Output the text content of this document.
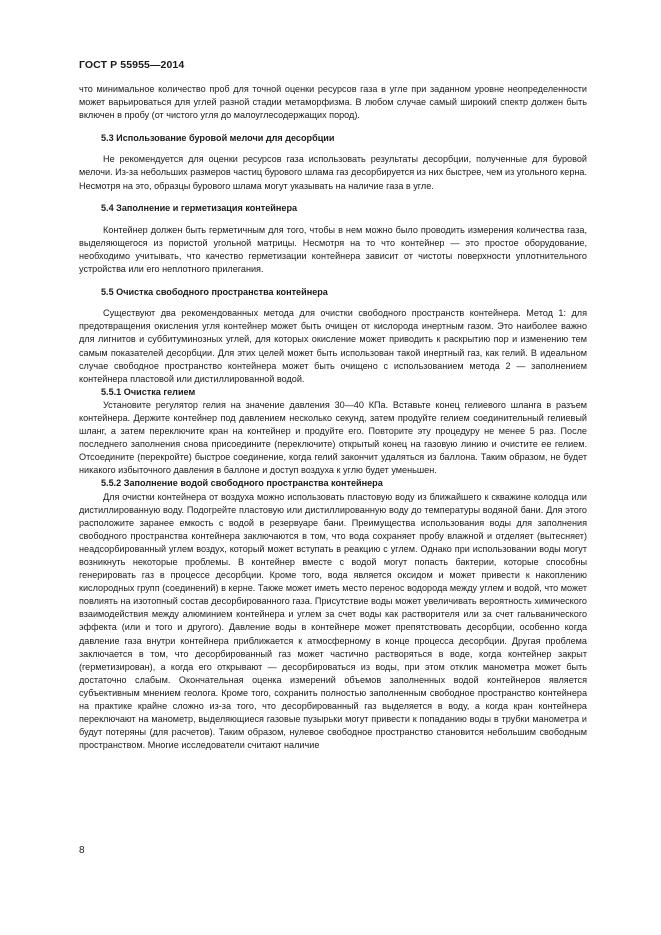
ГОСТ Р 55955—2014

что минимальное количество проб для точной оценки ресурсов газа в угле при заданном уровне неопределенности может варьироваться для углей разной стадии метаморфизма. В любом случае самый широкий спектр должен быть включен в пробу (от чистого угля до малоуглесодержащих пород).

5.3 Использование буровой мелочи для десорбции

Не рекомендуется для оценки ресурсов газа использовать результаты десорбции, полученные для буровой мелочи. Из-за небольших размеров частиц бурового шлама газ десорбируется из них быстрее, чем из угольного керна. Несмотря на это, образцы бурового шлама могут указывать на наличие газа в угле.

5.4 Заполнение и герметизация контейнера

Контейнер должен быть герметичным для того, чтобы в нем можно было проводить измерения количества газа, выделяющегося из пористой угольной матрицы. Несмотря на то что контейнер — это простое оборудование, необходимо учитывать, что качество герметизации контейнера зависит от чистоты поверхности уплотнительного устройства или его неплотного прилегания.

5.5 Очистка свободного пространства контейнера

Существуют два рекомендованных метода для очистки свободного пространств контейнера. Метод 1: для предотвращения окисления угля контейнер может быть очищен от кислорода инертным газом. Это наиболее важно для лигнитов и суббитуминозных углей, для которых окисление может приводить к раскрытию пор и изменению тем самым показателей десорбции. Для этих целей может быть использован такой инертный газ, как гелий. В идеальном случае свободное пространство контейнера может быть очищено с использованием метода 2 — заполнением контейнера пластовой или дистиллированной водой.

5.5.1 Очистка гелием

Установите регулятор гелия на значение давления 30—40 КПа. Вставьте конец гелиевого шланга в разъем контейнера. Держите контейнер под давлением несколько секунд, затем продуйте гелием соединительный гелиевый шланг, а затем переключите кран на контейнер и продуйте его. Повторите эту процедуру не менее 5 раз. После последнего заполнения снова присоедините (переключите) открытый конец на газовую линию и очистите ее гелием. Отсоедините (перекройте) быстрое соединение, когда гелий закончит удаляться из баллона. Таким образом, не будет никакого избыточного давления в баллоне и доступ воздуха к углю будет уменьшен.

5.5.2 Заполнение водой свободного пространства контейнера

Для очистки контейнера от воздуха можно использовать пластовую воду из ближайшего к скважине колодца или дистиллированную воду. Подогрейте пластовую или дистиллированную воду до температуры водяной бани. Для этого расположите заранее емкость с водой в резервуаре бани. Преимущества использования воды для заполнения свободного пространства контейнера заключаются в том, что вода сохраняет пробу влажной и отделяет (вытесняет) неадсорбированный углем воздух, который может вступать в реакцию с углем. Однако при использовании воды могут возникнуть некоторые проблемы. В контейнер вместе с водой могут попасть бактерии, которые способны генерировать газ в процессе десорбции. Кроме того, вода является оксидом и может привести к накоплению кислородных групп (соединений) в керне. Также может иметь место перенос водорода между углем и водой, что может повлиять на изотопный состав десорбированного газа. Присутствие воды может увеличивать вероятность химического взаимодействия между алюминием контейнера и углем за счет воды как растворителя или за счет гальванического эффекта (или и того и другого). Давление воды в контейнере может препятствовать десорбции, особенно когда давление газа внутри контейнера приближается к атмосферному в конце процесса десорбции. Другая проблема заключается в том, что десорбированный газ может частично растворяться в воде, когда контейнер закрыт (герметизирован), а когда его открывают — десорбироваться из воды, при этом отклик манометра может быть достаточно слабым. Окончательная оценка измерений объемов заполненных водой контейнеров является субъективным мнением геолога. Кроме того, сохранить полностью заполненным свободное пространство контейнера на практике крайне сложно из-за того, что десорбированный газ выделяется в воду, а когда кран контейнера переключают на манометр, выделяющиеся газовые пузырьки могут привести к попаданию воды в трубки манометра и будут потеряны (для расчетов). Таким образом, нулевое свободное пространство становится небольшим свободным пространством. Многие исследователи считают наличие

8
